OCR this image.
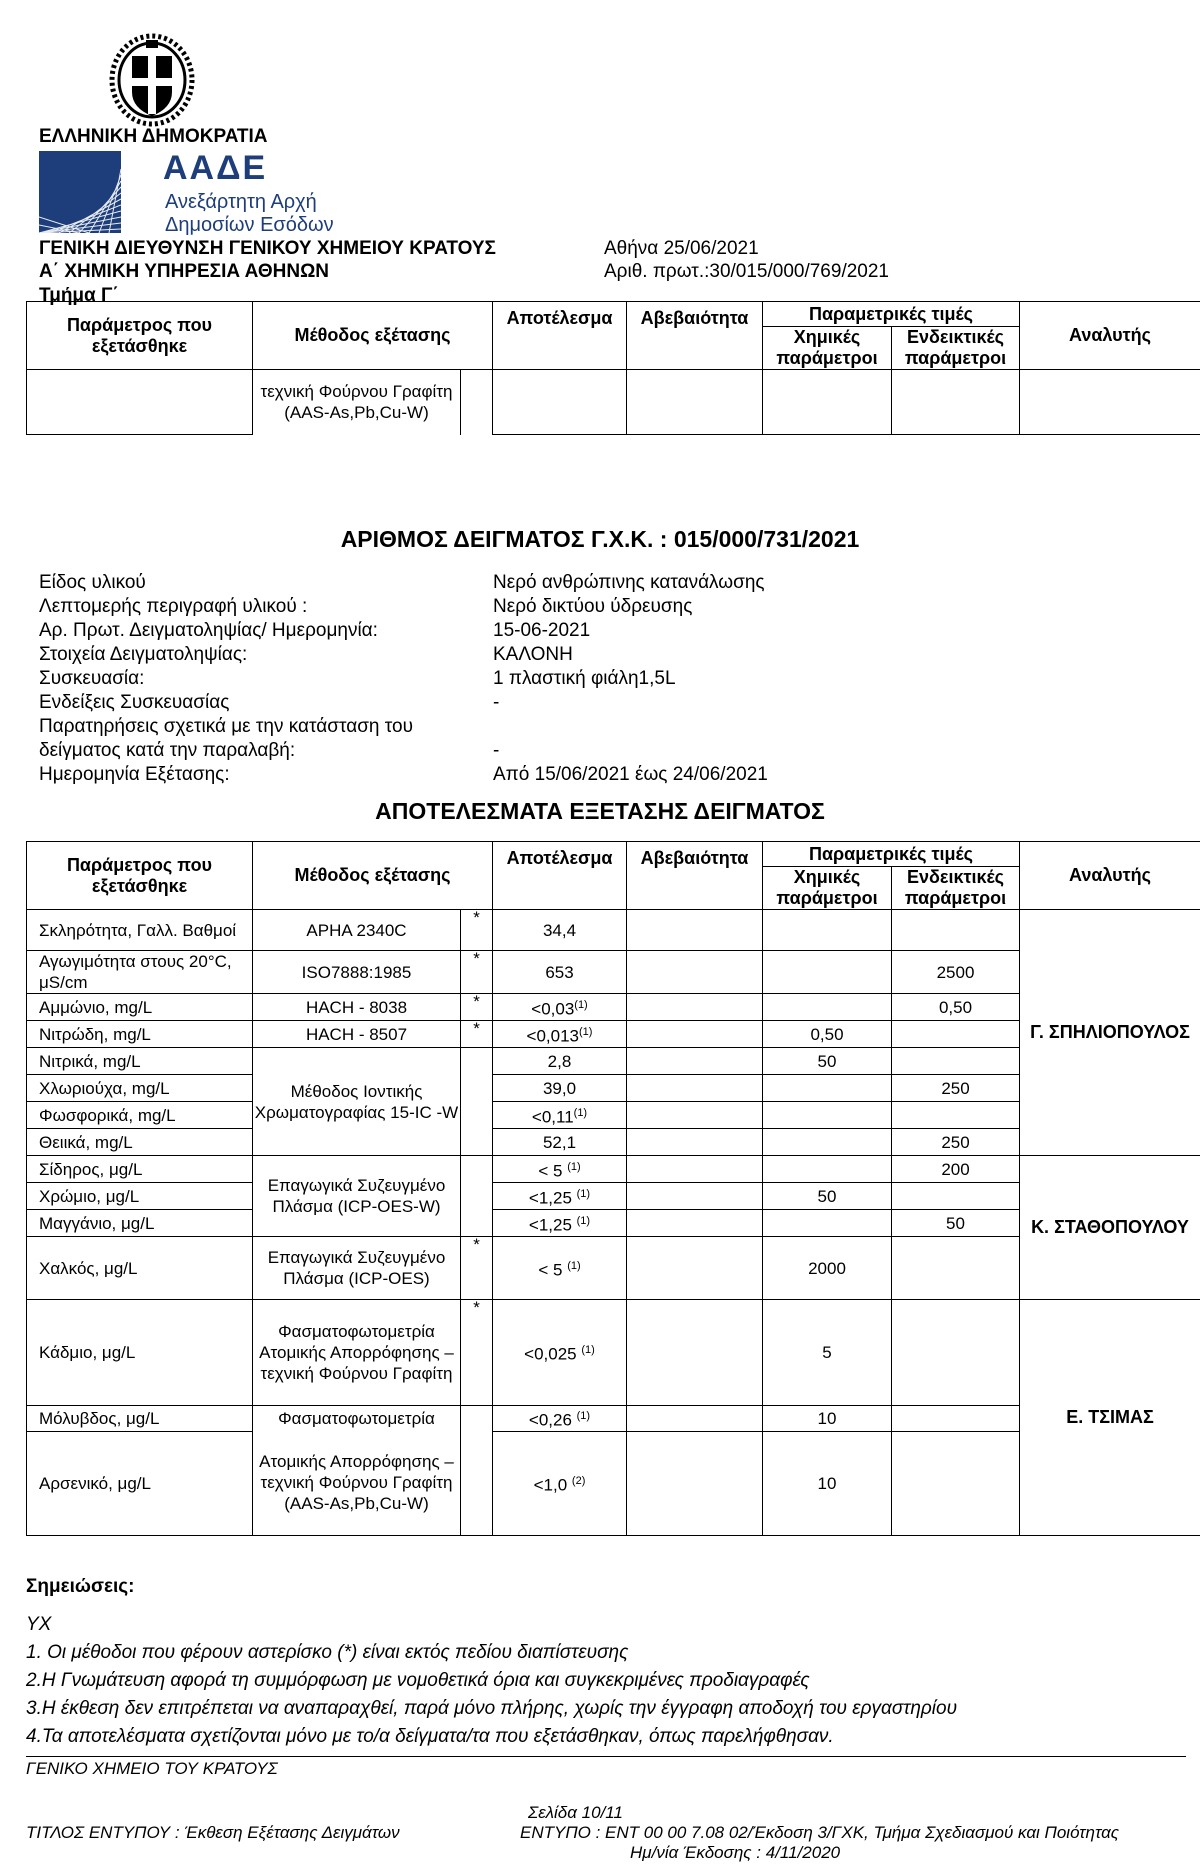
ΕΛΛΗΝΙΚΗ ΔΗΜΟΚΡΑΤΙΑ
ΑΑΔΕ
Ανεξάρτητη Αρχή
Δημοσίων Εσόδων
ΓΕΝΙΚΗ ΔΙΕΥΘΥΝΣΗ ΓΕΝΙΚΟΥ ΧΗΜΕΙΟΥ ΚΡΑΤΟΥΣ
Α΄ ΧΗΜΙΚΗ ΥΠΗΡΕΣΙΑ ΑΘΗΝΩΝ
Τμήμα Γ΄
Αθήνα 25/06/2021
Αριθ. πρωτ.:30/015/000/769/2021
Παράμετρος που εξετάσθηκε	Μέθοδος εξέτασης		Αποτέλεσμα	Αβεβαιότητα	Παραμετρικές τιμές		Αναλυτής
					Χημικές παράμετροι	Ενδεικτικές παράμετροι	
	τεχνική Φούρνου Γραφίτη (AAS-As,Pb,Cu-W)						
ΑΡΙΘΜΟΣ ΔΕΙΓΜΑΤΟΣ Γ.Χ.Κ. : 015/000/731/2021
Είδος υλικού	Νερό ανθρώπινης κατανάλωσης
Λεπτομερής περιγραφή υλικού :	Νερό δικτύου ύδρευσης
Αρ. Πρωτ. Δειγματοληψίας/ Ημερομηνία:	15-06-2021
Στοιχεία Δειγματοληψίας:	ΚΑΛΟΝΗ
Συσκευασία:	1 πλαστική φιάλη1,5L
Ενδείξεις Συσκευασίας	-
Παρατηρήσεις σχετικά με την κατάσταση του
δείγματος κατά την παραλαβή:	-
Ημερομηνία Εξέτασης:	Από 15/06/2021 έως 24/06/2021
ΑΠΟΤΕΛΕΣΜΑΤΑ ΕΞΕΤΑΣΗΣ ΔΕΙΓΜΑΤΟΣ
Παράμετρος που εξετάσθηκε	Μέθοδος εξέτασης		Αποτέλεσμα	Αβεβαιότητα	Παραμετρικές τιμές		Αναλυτής
					Χημικές παράμετροι	Ενδεικτικές παράμετροι	
Σκληρότητα, Γαλλ. Βαθμοί	APHA 2340C	*	34,4				Γ. ΣΠΗΛΙΟΠΟΥΛΟΣ
Αγωγιμότητα στους 20°C, μS/cm	ISO7888:1985	*	653			2500	
Αμμώνιο, mg/L	HACH - 8038	*	$<0,03^{(1)}$			0,50	
Νιτρώδη, mg/L	HACH - 8507	*	$<0,013^{(1)}$		0,50		
Νιτρικά, mg/L	Μέθοδος Ιοντικής Χρωματογραφίας 15-IC -W		2,8		50		
Χλωριούχα, mg/L			39,0			250	
Φωσφορικά, mg/L			$<0,11^{(1)}$			
Θειικά, mg/L			52,1			250	
Σίδηρος, μg/L	Επαγωγικά Συζευγμένο Πλάσμα (ICP-OES-W)		< 5 $^{(1)}$			200	Κ. ΣΤΑΘΟΠΟΥΛΟΥ
Χρώμιο, μg/L			<1,25 $^{(1)}$		50		
Μαγγάνιο, μg/L			<1,25 $^{(1)}$			50	
Χαλκός, μg/L	Επαγωγικά Συζευγμένο Πλάσμα (ICP-OES)	*	< 5 $^{(1)}$		2000		
Κάδμιο, μg/L	Φασματοφωτομετρία Ατομικής Απορρόφησης – τεχνική Φούρνου Γραφίτη	*	<0,025 $^{(1)}$		5		Ε. ΤΣΙΜΑΣ
Μόλυβδος, μg/L	Φασματοφωτομετρία		<0,26 $^{(1)}$		10		
Αρσενικό, μg/L	Ατομικής Απορρόφησης – τεχνική Φούρνου Γραφίτη (AAS-As,Pb,Cu-W)		<1,0 $^{(2)}$		10		
Σημειώσεις:
ΥΧ
1. Οι μέθοδοι που φέρουν αστερίσκο (*) είναι εκτός πεδίου διαπίστευσης
2.Η Γνωμάτευση αφορά τη συμμόρφωση με νομοθετικά όρια και συγκεκριμένες προδιαγραφές
3.Η έκθεση δεν επιτρέπεται να αναπαραχθεί, παρά μόνο πλήρης, χωρίς την έγγραφη αποδοχή του εργαστηρίου
4.Τα αποτελέσματα σχετίζονται μόνο με το/α δείγματα/τα που εξετάσθηκαν, όπως παρελήφθησαν.
ΓΕΝΙΚΟ ΧΗΜΕΙΟ ΤΟΥ ΚΡΑΤΟΥΣ
Σελίδα 10/11
ΤΙΤΛΟΣ ΕΝΤΥΠΟΥ : Έκθεση Εξέτασης Δειγμάτων	ΕΝΤΥΠΟ : ΕΝΤ 00 00 7.08 02/Έκδοση 3/ΓΧΚ, Τμήμα Σχεδιασμού και Ποιότητας
Ημ/νία Έκδοσης : 4/11/2020
